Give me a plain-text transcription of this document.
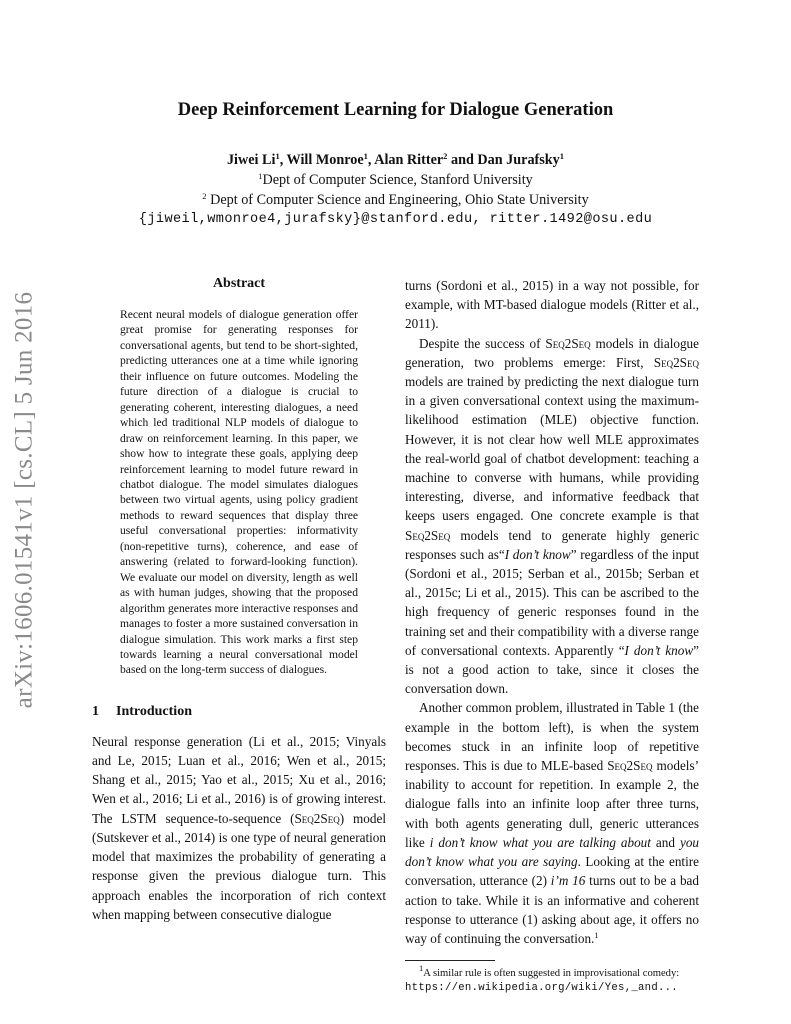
arXiv:1606.01541v1 [cs.CL] 5 Jun 2016
Deep Reinforcement Learning for Dialogue Generation
Jiwei Li$^1$, Will Monroe$^1$, Alan Ritter$^2$ and Dan Jurafsky$^1$
$^1$Dept of Computer Science, Stanford University
$^2$ Dept of Computer Science and Engineering, Ohio State University
{jiweil,wmonroe4,jurafsky}@stanford.edu, ritter.1492@osu.edu
Abstract

Recent neural models of dialogue generation offer great promise for generating responses for conversational agents, but tend to be short-sighted, predicting utterances one at a time while ignoring their influence on future outcomes. Modeling the future direction of a dialogue is crucial to generating coherent, interesting dialogues, a need which led traditional NLP models of dialogue to draw on reinforcement learning. In this paper, we show how to integrate these goals, applying deep reinforcement learning to model future reward in chatbot dialogue. The model simulates dialogues between two virtual agents, using policy gradient methods to reward sequences that display three useful conversational properties: informativity (non-repetitive turns), coherence, and ease of answering (related to forward-looking function). We evaluate our model on diversity, length as well as with human judges, showing that the proposed algorithm generates more interactive responses and manages to foster a more sustained conversation in dialogue simulation. This work marks a first step towards learning a neural conversational model based on the long-term success of dialogues.

1 Introduction

Neural response generation (Li et al., 2015; Vinyals and Le, 2015; Luan et al., 2016; Wen et al., 2015; Shang et al., 2015; Yao et al., 2015; Xu et al., 2016; Wen et al., 2016; Li et al., 2016) is of growing interest. The LSTM sequence-to-sequence (Seq2Seq) model (Sutskever et al., 2014) is one type of neural generation model that maximizes the probability of generating a response given the previous dialogue turn. This approach enables the incorporation of rich context when mapping between consecutive dialogue

turns (Sordoni et al., 2015) in a way not possible, for example, with MT-based dialogue models (Ritter et al., 2011).

Despite the success of Seq2Seq models in dialogue generation, two problems emerge: First, Seq2Seq models are trained by predicting the next dialogue turn in a given conversational context using the maximum-likelihood estimation (MLE) objective function. However, it is not clear how well MLE approximates the real-world goal of chatbot development: teaching a machine to converse with humans, while providing interesting, diverse, and informative feedback that keeps users engaged. One concrete example is that Seq2Seq models tend to generate highly generic responses such as“I don’t know” regardless of the input (Sordoni et al., 2015; Serban et al., 2015b; Serban et al., 2015c; Li et al., 2015). This can be ascribed to the high frequency of generic responses found in the training set and their compatibility with a diverse range of conversational contexts. Apparently “I don’t know” is not a good action to take, since it closes the conversation down.

Another common problem, illustrated in Table 1 (the example in the bottom left), is when the system becomes stuck in an infinite loop of repetitive responses. This is due to MLE-based Seq2Seq models’ inability to account for repetition. In example 2, the dialogue falls into an infinite loop after three turns, with both agents generating dull, generic utterances like i don’t know what you are talking about and you don’t know what you are saying. Looking at the entire conversation, utterance (2) i’m 16 turns out to be a bad action to take. While it is an informative and coherent response to utterance (1) asking about age, it offers no way of continuing the conversation.$^1$

$^1$A similar rule is often suggested in improvisational comedy:
https://en.wikipedia.org/wiki/Yes,_and...
